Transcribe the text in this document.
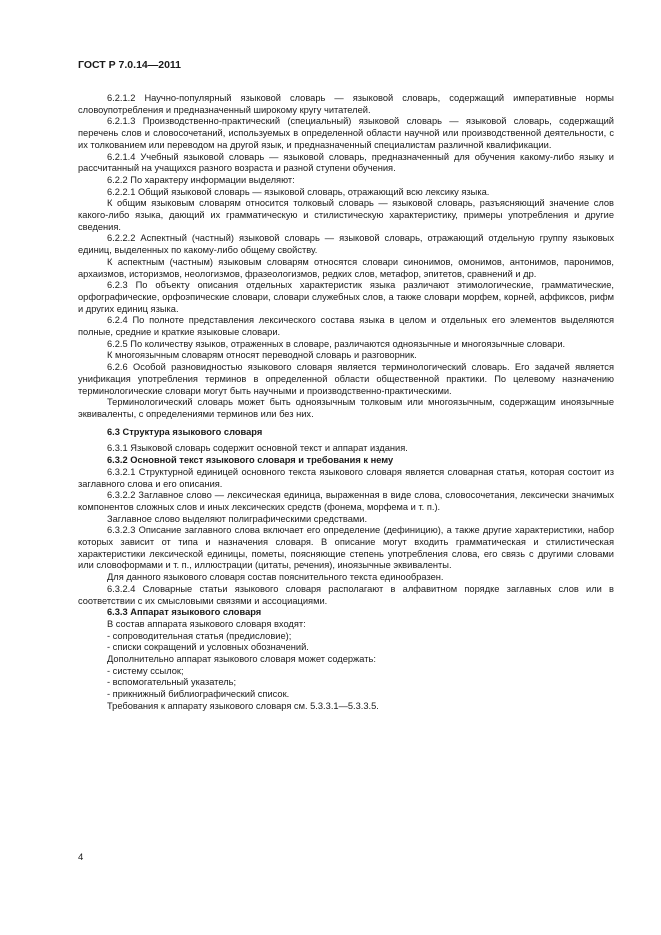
ГОСТ Р 7.0.14—2011

6.2.1.2 Научно-популярный языковой словарь — языковой словарь, содержащий императивные нормы словоупотребления и предназначенный широкому кругу читателей.

6.2.1.3 Производственно-практический (специальный) языковой словарь — языковой словарь, содержащий перечень слов и словосочетаний, используемых в определенной области научной или производственной деятельности, с их толкованием или переводом на другой язык, и предназначенный специалистам различной квалификации.

6.2.1.4 Учебный языковой словарь — языковой словарь, предназначенный для обучения какому-либо языку и рассчитанный на учащихся разного возраста и разной ступени обучения.

6.2.2 По характеру информации выделяют:

6.2.2.1 Общий языковой словарь — языковой словарь, отражающий всю лексику языка.

К общим языковым словарям относится толковый словарь — языковой словарь, разъясняющий значение слов какого-либо языка, дающий их грамматическую и стилистическую характеристику, примеры употребления и другие сведения.

6.2.2.2 Аспектный (частный) языковой словарь — языковой словарь, отражающий отдельную группу языковых единиц, выделенных по какому-либо общему свойству.

К аспектным (частным) языковым словарям относятся словари синонимов, омонимов, антонимов, паронимов, архаизмов, историзмов, неологизмов, фразеологизмов, редких слов, метафор, эпитетов, сравнений и др.

6.2.3 По объекту описания отдельных характеристик языка различают этимологические, грамматические, орфографические, орфоэпические словари, словари служебных слов, а также словари морфем, корней, аффиксов, рифм и других единиц языка.

6.2.4 По полноте представления лексического состава языка в целом и отдельных его элементов выделяются полные, средние и краткие языковые словари.

6.2.5 По количеству языков, отраженных в словаре, различаются одноязычные и многоязычные словари.

К многоязычным словарям относят переводной словарь и разговорник.

6.2.6 Особой разновидностью языкового словаря является терминологический словарь. Его задачей является унификация употребления терминов в определенной области общественной практики. По целевому назначению терминологические словари могут быть научными и производственно-практическими.

Терминологический словарь может быть одноязычным толковым или многоязычным, содержащим иноязычные эквиваленты, с определениями терминов или без них.

6.3 Структура языкового словаря

6.3.1 Языковой словарь содержит основной текст и аппарат издания.

6.3.2 Основной текст языкового словаря и требования к нему

6.3.2.1 Структурной единицей основного текста языкового словаря является словарная статья, которая состоит из заглавного слова и его описания.

6.3.2.2 Заглавное слово — лексическая единица, выраженная в виде слова, словосочетания, лексически значимых компонентов сложных слов и иных лексических средств (фонема, морфема и т. п.).

Заглавное слово выделяют полиграфическими средствами.

6.3.2.3 Описание заглавного слова включает его определение (дефиницию), а также другие характеристики, набор которых зависит от типа и назначения словаря. В описание могут входить грамматическая и стилистическая характеристики лексической единицы, пометы, поясняющие степень употребления слова, его связь с другими словами или словоформами и т. п., иллюстрации (цитаты, речения), иноязычные эквиваленты.

Для данного языкового словаря состав пояснительного текста единообразен.

6.3.2.4 Словарные статьи языкового словаря располагают в алфавитном порядке заглавных слов или в соответствии с их смысловыми связями и ассоциациями.

6.3.3 Аппарат языкового словаря

В состав аппарата языкового словаря входят:

- сопроводительная статья (предисловие);

- списки сокращений и условных обозначений.

Дополнительно аппарат языкового словаря может содержать:

- систему ссылок;

- вспомогательный указатель;

- прикнижный библиографический список.

Требования к аппарату языкового словаря см. 5.3.3.1—5.3.3.5.

4
